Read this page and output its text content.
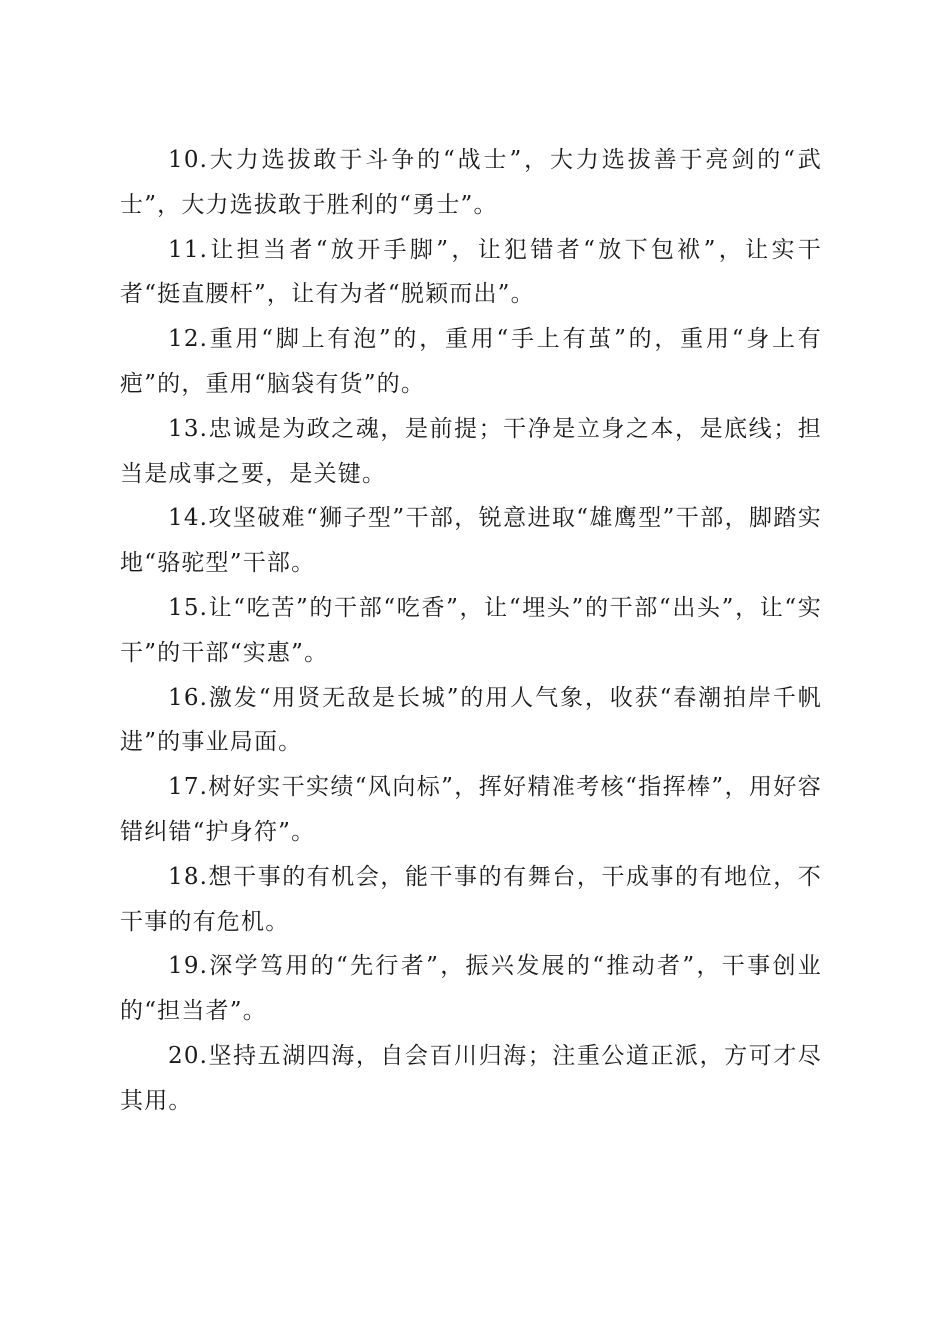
10.大力选拔敢于斗争的“战士”，大力选拔善于亮剑的“武士”，大力选拔敢于胜利的“勇士”。

11.让担当者“放开手脚”，让犯错者“放下包袱”，让实干者“挺直腰杆”，让有为者“脱颖而出”。

12.重用“脚上有泡”的，重用“手上有茧”的，重用“身上有疤”的，重用“脑袋有货”的。

13.忠诚是为政之魂，是前提；干净是立身之本，是底线；担当是成事之要，是关键。

14.攻坚破难“狮子型”干部，锐意进取“雄鹰型”干部，脚踏实地“骆驼型”干部。

15.让“吃苦”的干部“吃香”，让“埋头”的干部“出头”，让“实干”的干部“实惠”。

16.激发“用贤无敌是长城”的用人气象，收获“春潮拍岸千帆进”的事业局面。

17.树好实干实绩“风向标”，挥好精准考核“指挥棒”，用好容错纠错“护身符”。

18.想干事的有机会，能干事的有舞台，干成事的有地位，不干事的有危机。

19.深学笃用的“先行者”，振兴发展的“推动者”，干事创业的“担当者”。

20.坚持五湖四海，自会百川归海；注重公道正派，方可才尽其用。
